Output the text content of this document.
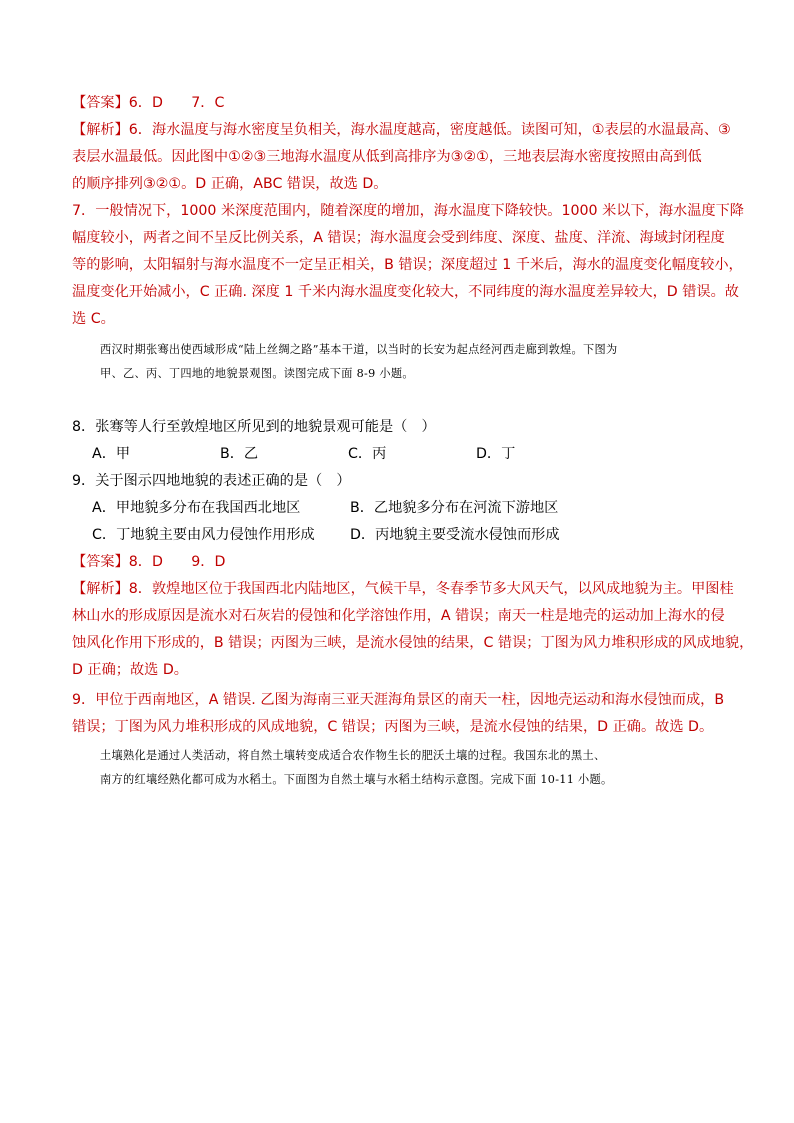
【答案】6．D　　7．C
【解析】6．海水温度与海水密度呈负相关，海水温度越高，密度越低。读图可知，①表层的水温最高、③
表层水温最低。因此图中①②③三地海水温度从低到高排序为③②①，三地表层海水密度按照由高到低
的顺序排列③②①。D 正确，ABC 错误，故选 D。
7．一般情况下，1000 米深度范围内，随着深度的增加，海水温度下降较快。1000 米以下，海水温度下降
幅度较小，两者之间不呈反比例关系，A 错误；海水温度会受到纬度、深度、盐度、洋流、海域封闭程度
等的影响，太阳辐射与海水温度不一定呈正相关，B 错误；深度超过 1 千米后，海水的温度变化幅度较小，
温度变化开始减小，C 正确. 深度 1 千米内海水温度变化较大，不同纬度的海水温度差异较大，D 错误。故
选 C。
西汉时期张骞出使西域形成“陆上丝绸之路”基本干道，以当时的长安为起点经河西走廊到敦煌。下图为
甲、乙、丙、丁四地的地貌景观图。读图完成下面 8-9 小题。
8．张骞等人行至敦煌地区所见到的地貌景观可能是（　）
A．甲	B．乙	C．丙	D．丁
9．关于图示四地地貌的表述正确的是（　）
A．甲地貌多分布在我国西北地区	B．乙地貌多分布在河流下游地区
C．丁地貌主要由风力侵蚀作用形成	D．丙地貌主要受流水侵蚀而形成
【答案】8．D　　9．D
【解析】8．敦煌地区位于我国西北内陆地区，气候干旱，冬春季节多大风天气，以风成地貌为主。甲图桂
林山水的形成原因是流水对石灰岩的侵蚀和化学溶蚀作用，A 错误；南天一柱是地壳的运动加上海水的侵
蚀风化作用下形成的，B 错误；丙图为三峡，是流水侵蚀的结果，C 错误；丁图为风力堆积形成的风成地貌，
D 正确；故选 D。
9．甲位于西南地区，A 错误. 乙图为海南三亚天涯海角景区的南天一柱，因地壳运动和海水侵蚀而成，B
错误；丁图为风力堆积形成的风成地貌，C 错误；丙图为三峡，是流水侵蚀的结果，D 正确。故选 D。
土壤熟化是通过人类活动，将自然土壤转变成适合农作物生长的肥沃土壤的过程。我国东北的黑土、
南方的红壤经熟化都可成为水稻土。下面图为自然土壤与水稻土结构示意图。完成下面 10-11 小题。
